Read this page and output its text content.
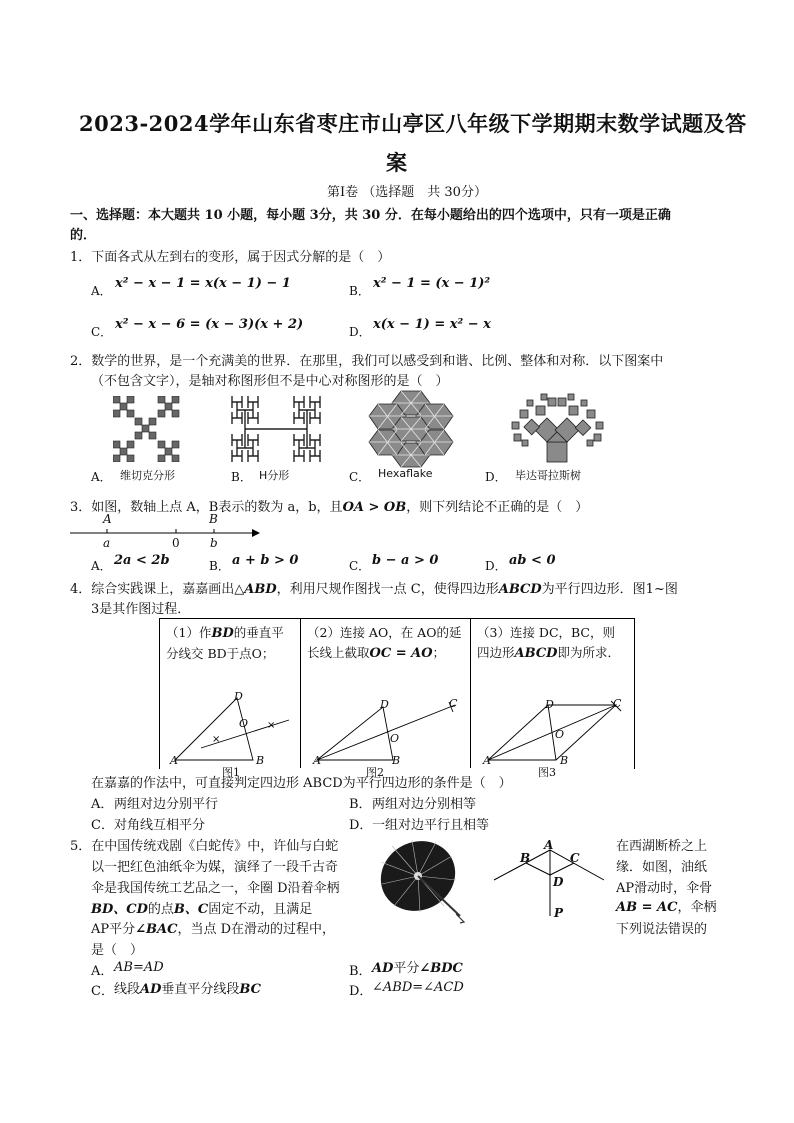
2023-2024学年山东省枣庄市山亭区八年级下学期期末数学试题及答
案
第Ⅰ卷 （选择题　共 30分）
一、选择题：本大题共 10 小题，每小题 3分，共 30 分．在每小题给出的四个选项中，只有一项是正确
的．
1．下面各式从左到右的变形，属于因式分解的是（　）
A． x² − x − 1 = x(x − 1) − 1	B． x² − 1 = (x − 1)²
C． x² − x − 6 = (x − 3)(x + 2)	D． x(x − 1) = x² − x
2．数学的世界，是一个充满美的世界．在那里，我们可以感受到和谐、比例、整体和对称．以下图案中
（不包含文字），是轴对称图形但不是中心对称图形的是（　）
A． 维切克分形	B． H分形	C． Hexaflake	D． 毕达哥拉斯树
3．如图，数轴上点 A，B表示的数为 a，b，且OA > OB，则下列结论不正确的是（　）
A	B
a	0	b
A． 2a < 2b	B． a + b > 0	C． b − a > 0	D． ab < 0
4．综合实践课上，嘉嘉画出△ABD，利用尺规作图找一点 C，使得四边形ABCD为平行四边形．图1~图
3是其作图过程．
（1）作BD的垂直平分线交 BD于点O；
（2）连接 AO，在 AO的延长线上截取OC = AO；
（3）连接 DC，BC，则四边形ABCD即为所求．
×
×
A
D
B
O
图1
A
D
B
O
C
图2
A
D
B
O
C
图3
在嘉嘉的作法中，可直接判定四边形 ABCD为平行四边形的条件是（　）
A． 两组对边分别平行	B． 两组对边分别相等
C． 对角线互相平分	D． 一组对边平行且相等
5．在中国传统戏剧《白蛇传》中，许仙与白蛇	在西湖断桥之上
以一把红色油纸伞为媒，演绎了一段千古奇	缘．如图，油纸
伞是我国传统工艺品之一，伞圈 D沿着伞柄	AP滑动时，伞骨
BD、CD的点B、C固定不动，且满足	AB = AC，伞柄
AP平分∠BAC，当点 D在滑动的过程中，	下列说法错误的
是（　）
A
B	C
D
P
A． AB=AD	B． AD平分∠BDC
C． 线段AD垂直平分线段BC	D． ∠ABD=∠ACD
